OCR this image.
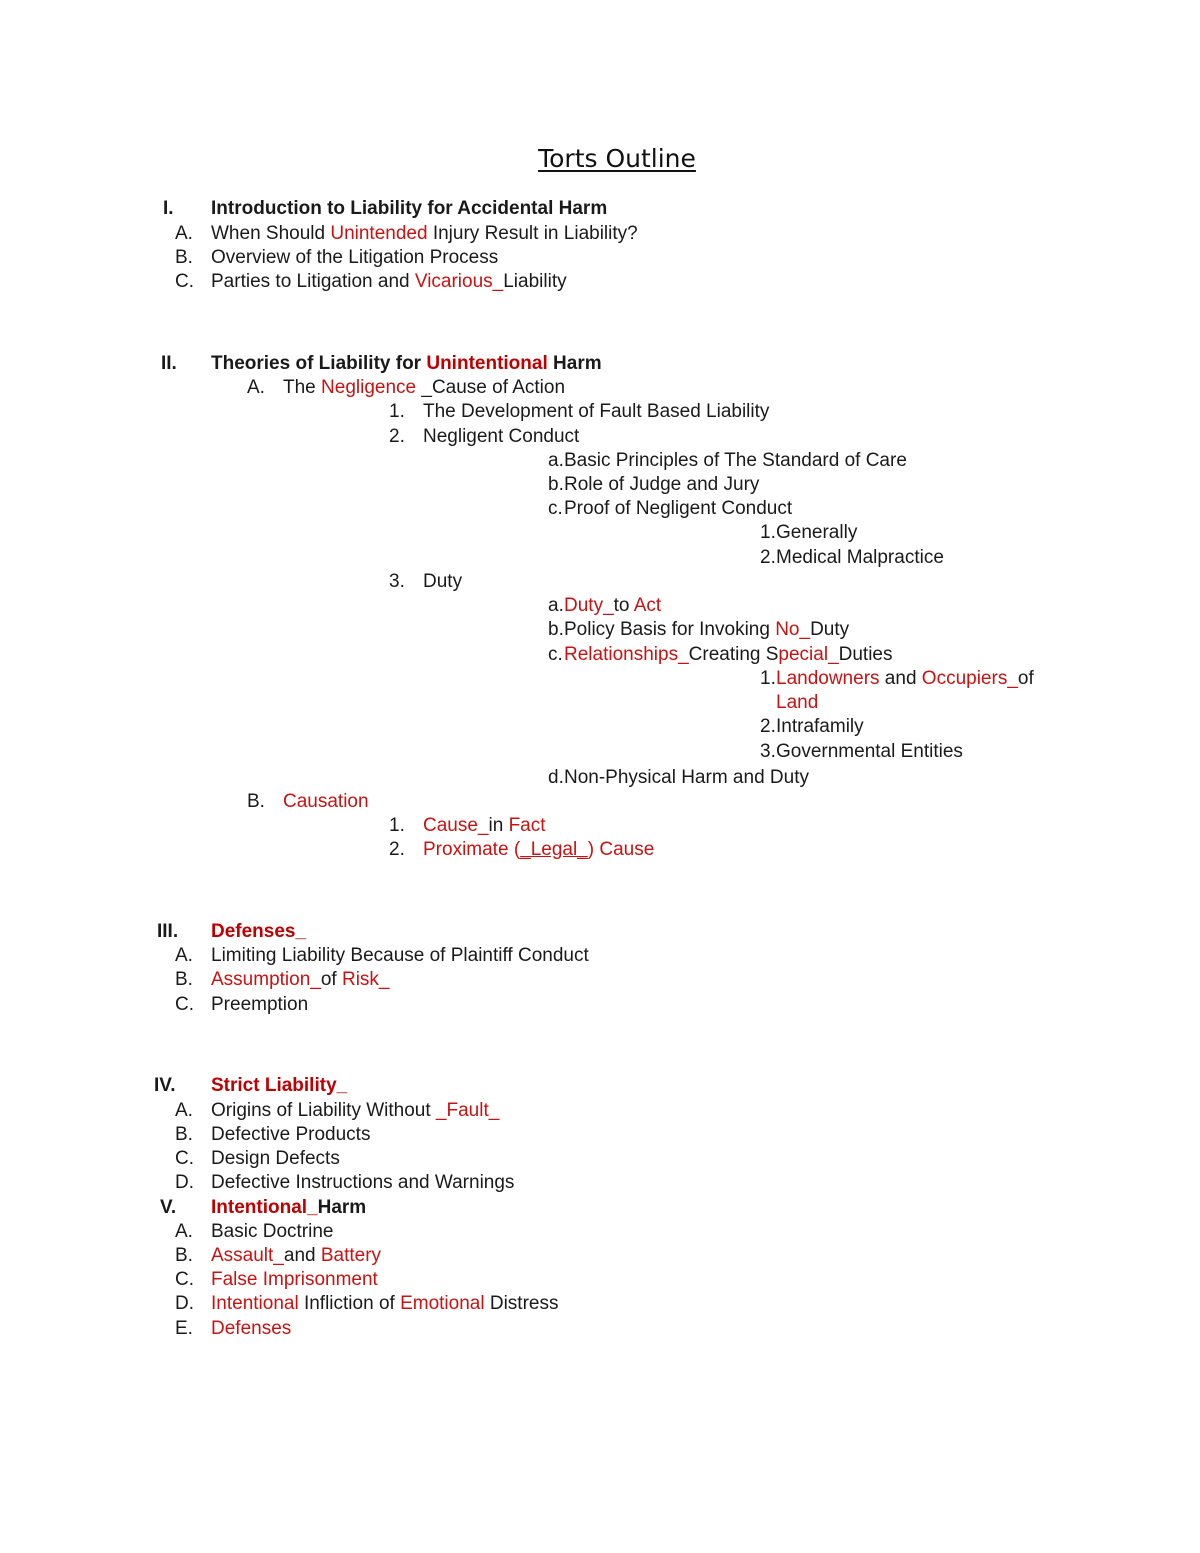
Torts Outline
I. Introduction to Liability for Accidental Harm
A. When Should Unintended Injury Result in Liability?
B. Overview of the Litigation Process
C. Parties to Litigation and Vicarious_Liability
II. Theories of Liability for Unintentional Harm
A. The Negligence _Cause of Action
1. The Development of Fault Based Liability
2. Negligent Conduct
a. Basic Principles of The Standard of Care
b. Role of Judge and Jury
c. Proof of Negligent Conduct
1. Generally
2. Medical Malpractice
3. Duty
a. Duty_to Act
b. Policy Basis for Invoking No_Duty
c. Relationships_Creating Special_Duties
1. Landowners and Occupiers_of
Land
2. Intrafamily
3. Governmental Entities
d. Non-Physical Harm and Duty
B. Causation
1. Cause_in Fact
2. Proximate (_Legal_) Cause
III. Defenses_
A. Limiting Liability Because of Plaintiff Conduct
B. Assumption_of Risk_
C. Preemption
IV. Strict Liability_
A. Origins of Liability Without _Fault_
B. Defective Products
C. Design Defects
D. Defective Instructions and Warnings
V. Intentional_Harm
A. Basic Doctrine
B. Assault_and Battery
C. False Imprisonment
D. Intentional Infliction of Emotional Distress
E. Defenses
